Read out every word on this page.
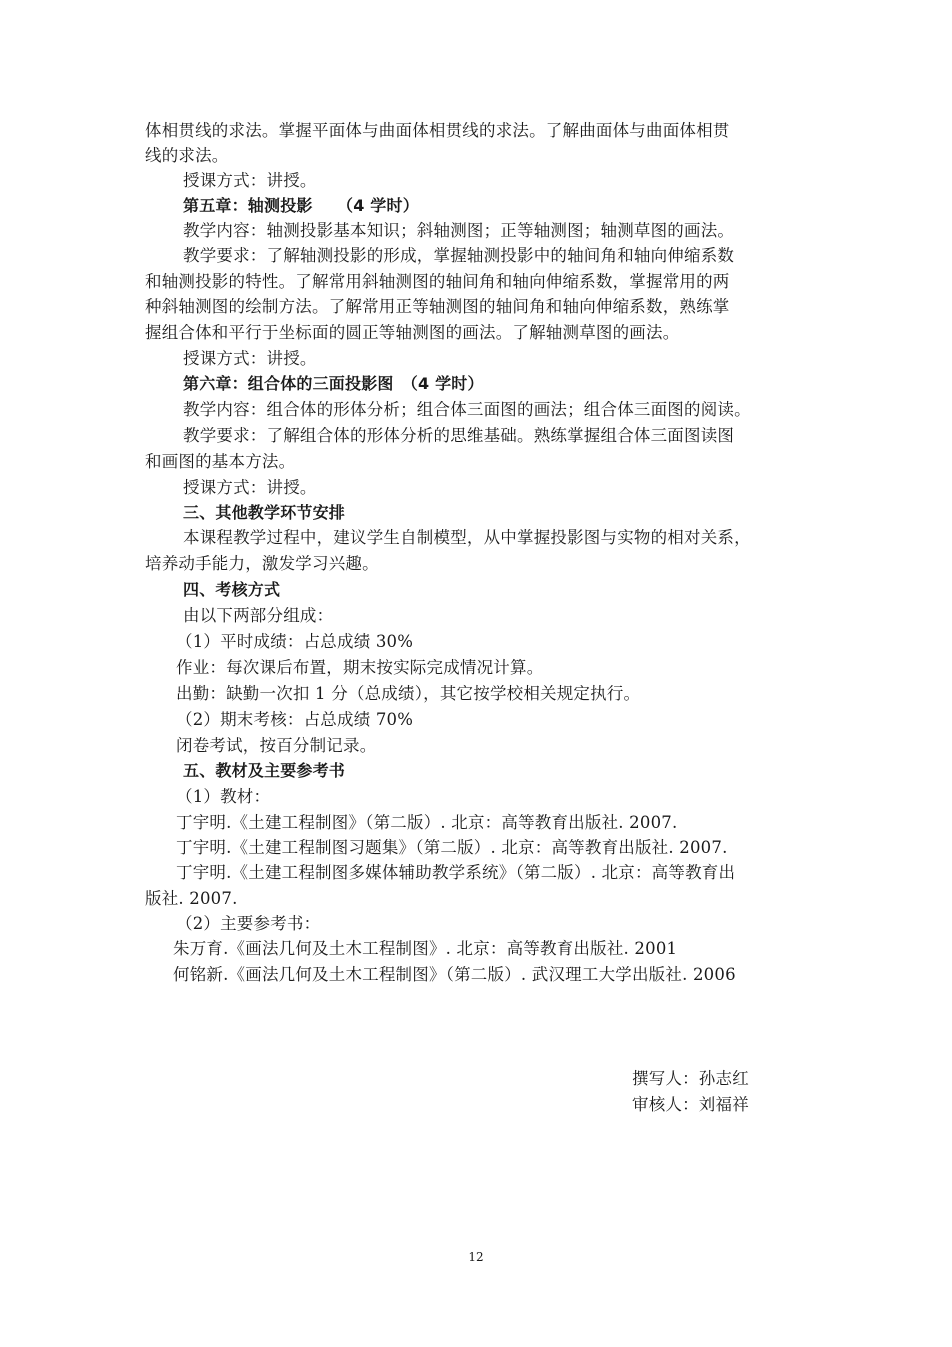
体相贯线的求法。掌握平面体与曲面体相贯线的求法。了解曲面体与曲面体相贯
线的求法。
授课方式：讲授。
第五章：轴测投影　　（4 学时）
教学内容：轴测投影基本知识；斜轴测图；正等轴测图；轴测草图的画法。
教学要求：了解轴测投影的形成，掌握轴测投影中的轴间角和轴向伸缩系数
和轴测投影的特性。了解常用斜轴测图的轴间角和轴向伸缩系数，掌握常用的两
种斜轴测图的绘制方法。了解常用正等轴测图的轴间角和轴向伸缩系数，熟练掌
握组合体和平行于坐标面的圆正等轴测图的画法。了解轴测草图的画法。
授课方式：讲授。
第六章：组合体的三面投影图　（4 学时）
教学内容：组合体的形体分析；组合体三面图的画法；组合体三面图的阅读。
教学要求：了解组合体的形体分析的思维基础。熟练掌握组合体三面图读图
和画图的基本方法。
授课方式：讲授。
三、其他教学环节安排
本课程教学过程中，建议学生自制模型，从中掌握投影图与实物的相对关系，
培养动手能力，激发学习兴趣。
四、考核方式
由以下两部分组成：
（1）平时成绩：占总成绩 30%
作业：每次课后布置，期末按实际完成情况计算。
出勤：缺勤一次扣 1 分（总成绩），其它按学校相关规定执行。
（2）期末考核：占总成绩 70%
闭卷考试，按百分制记录。
五、教材及主要参考书
（1）教材：
丁宇明.《土建工程制图》（第二版）. 北京：高等教育出版社. 2007.
丁宇明.《土建工程制图习题集》（第二版）. 北京：高等教育出版社. 2007.
丁宇明.《土建工程制图多媒体辅助教学系统》（第二版）. 北京：高等教育出
版社. 2007.
（2）主要参考书：
朱万育.《画法几何及土木工程制图》. 北京：高等教育出版社. 2001
何铭新.《画法几何及土木工程制图》（第二版）. 武汉理工大学出版社. 2006
撰写人：孙志红
审核人：刘福祥
12
